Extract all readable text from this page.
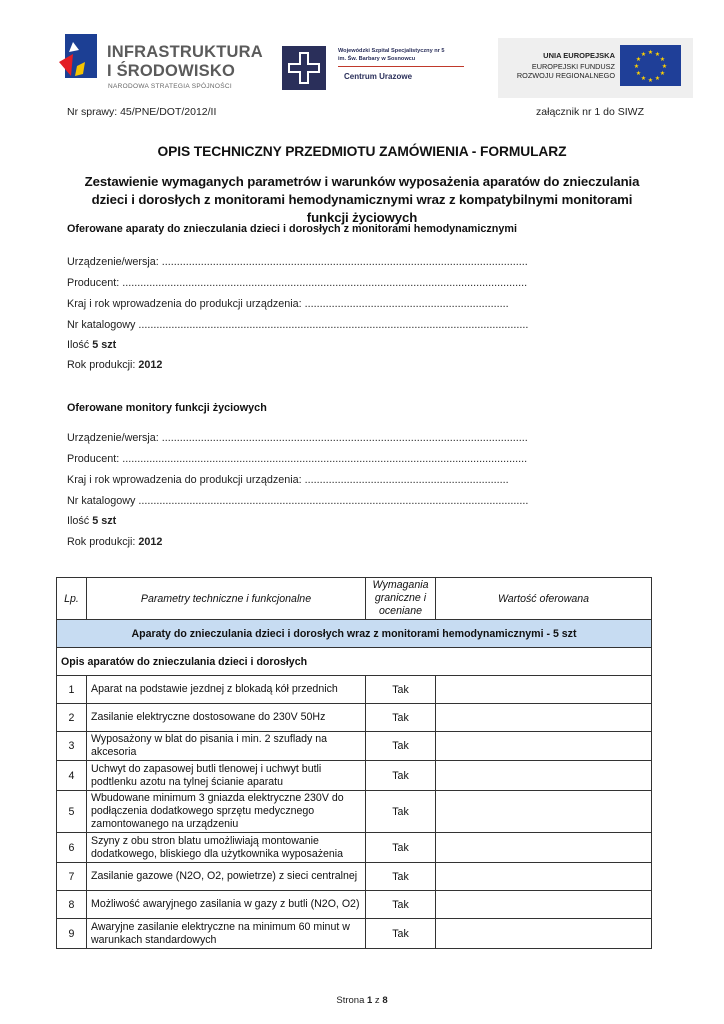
INFRASTRUKTURA
I ŚRODOWISKO
NARODOWA STRATEGIA SPÓJNOŚCI
Wojewódzki Szpital Specjalistyczny nr 5
im. Św. Barbary w Sosnowcu
Centrum Urazowe
UNIA EUROPEJSKA
EUROPEJSKI FUNDUSZ
ROZWOJU REGIONALNEGO
★ ★
★
★
★
★
★
★
★
★
★
★
Nr sprawy: 45/PNE/DOT/2012/II	załącznik nr 1 do SIWZ
OPIS TECHNICZNY PRZEDMIOTU ZAMÓWIENIA - FORMULARZ
Zestawienie wymaganych parametrów i warunków wyposażenia aparatów do znieczulania dzieci i dorosłych z monitorami hemodynamicznymi wraz z kompatybilnymi monitorami funkcji życiowych
Oferowane aparaty do znieczulania dzieci i dorosłych z monitorami hemodynamicznymi
Urządzenie/wersja: ..........................................................................................................................
Producent: .......................................................................................................................................
Kraj i rok wprowadzenia do produkcji urządzenia: ....................................................................
Nr katalogowy ..................................................................................................................................
Ilość 5 szt
Rok produkcji: 2012
Oferowane monitory funkcji życiowych
Urządzenie/wersja: ..........................................................................................................................
Producent: .......................................................................................................................................
Kraj i rok wprowadzenia do produkcji urządzenia: ....................................................................
Nr katalogowy ..................................................................................................................................
Ilość 5 szt
Rok produkcji: 2012
Lp.	Parametry techniczne i funkcjonalne	Wymagania graniczne i oceniane	Wartość oferowana
Aparaty do znieczulania dzieci i dorosłych wraz z monitorami hemodynamicznymi - 5 szt			
Opis aparatów do znieczulania dzieci i dorosłych			
1	Aparat na podstawie jezdnej z blokadą kół przednich	Tak	
2	Zasilanie elektryczne dostosowane do 230V 50Hz	Tak	
3	Wyposażony w blat do pisania i min. 2 szuflady na akcesoria	Tak	
4	Uchwyt do zapasowej butli tlenowej i uchwyt butli podtlenku azotu na tylnej ścianie aparatu	Tak	
5	Wbudowane minimum 3 gniazda elektryczne 230V do podłączenia dodatkowego sprzętu medycznego zamontowanego na urządzeniu	Tak	
6	Szyny z obu stron blatu umożliwiają montowanie dodatkowego, bliskiego dla użytkownika wyposażenia	Tak	
7	Zasilanie gazowe (N2O, O2, powietrze) z sieci centralnej	Tak	
8	Możliwość awaryjnego zasilania w gazy z butli (N2O, O2)	Tak	
9	Awaryjne zasilanie elektryczne na minimum 60 minut w warunkach standardowych	Tak	
Strona 1 z 8
